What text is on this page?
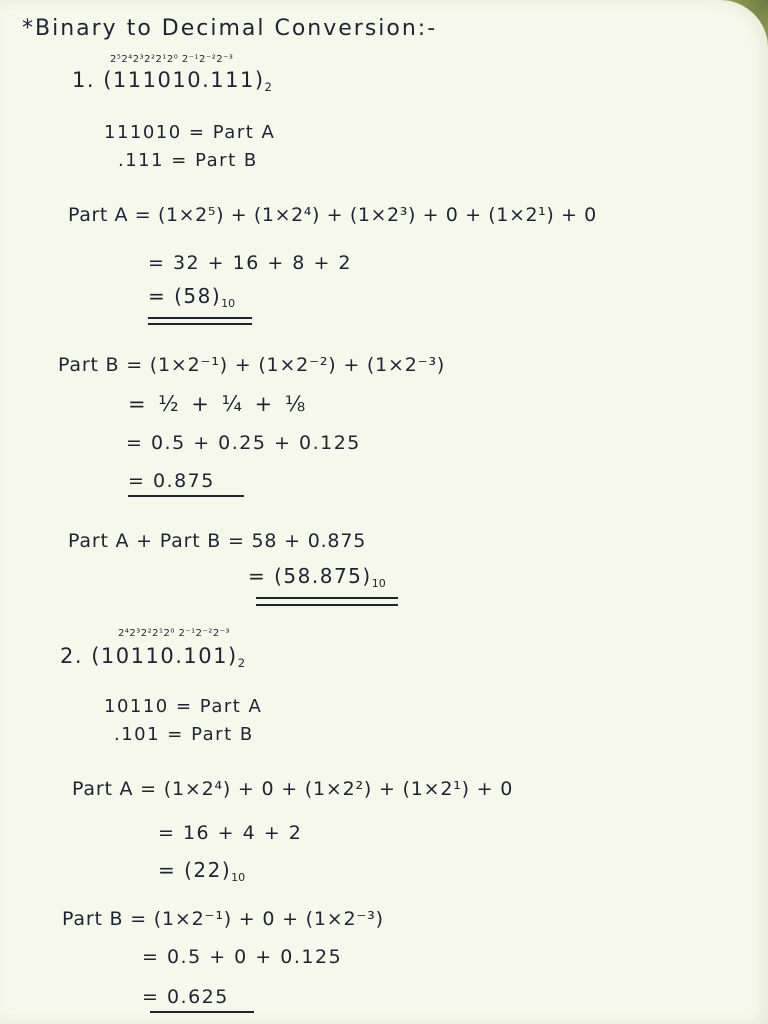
*Binary to Decimal Conversion:-
2⁵2⁴2³2²2¹2⁰ 2⁻¹2⁻²2⁻³
1. $(111010.111)_2$
111010 = Part A
.111 = Part B
Part A = (1×2⁵) + (1×2⁴) + (1×2³) + 0 + (1×2¹) + 0
= 32 + 16 + 8 + 2
= $(58)_{10}$
Part B = (1×2⁻¹) + (1×2⁻²) + (1×2⁻³)
= ½ + ¼ + ⅛
= 0.5 + 0.25 + 0.125
= 0.875
Part A + Part B = 58 + 0.875
= $(58.875)_{10}$
2⁴2³2²2¹2⁰ 2⁻¹2⁻²2⁻³
2. $(10110.101)_2$
10110 = Part A
.101 = Part B
Part A = (1×2⁴) + 0 + (1×2²) + (1×2¹) + 0
= 16 + 4 + 2
= $(22)_{10}$
Part B = (1×2⁻¹) + 0 + (1×2⁻³)
= 0.5 + 0 + 0.125
= 0.625
